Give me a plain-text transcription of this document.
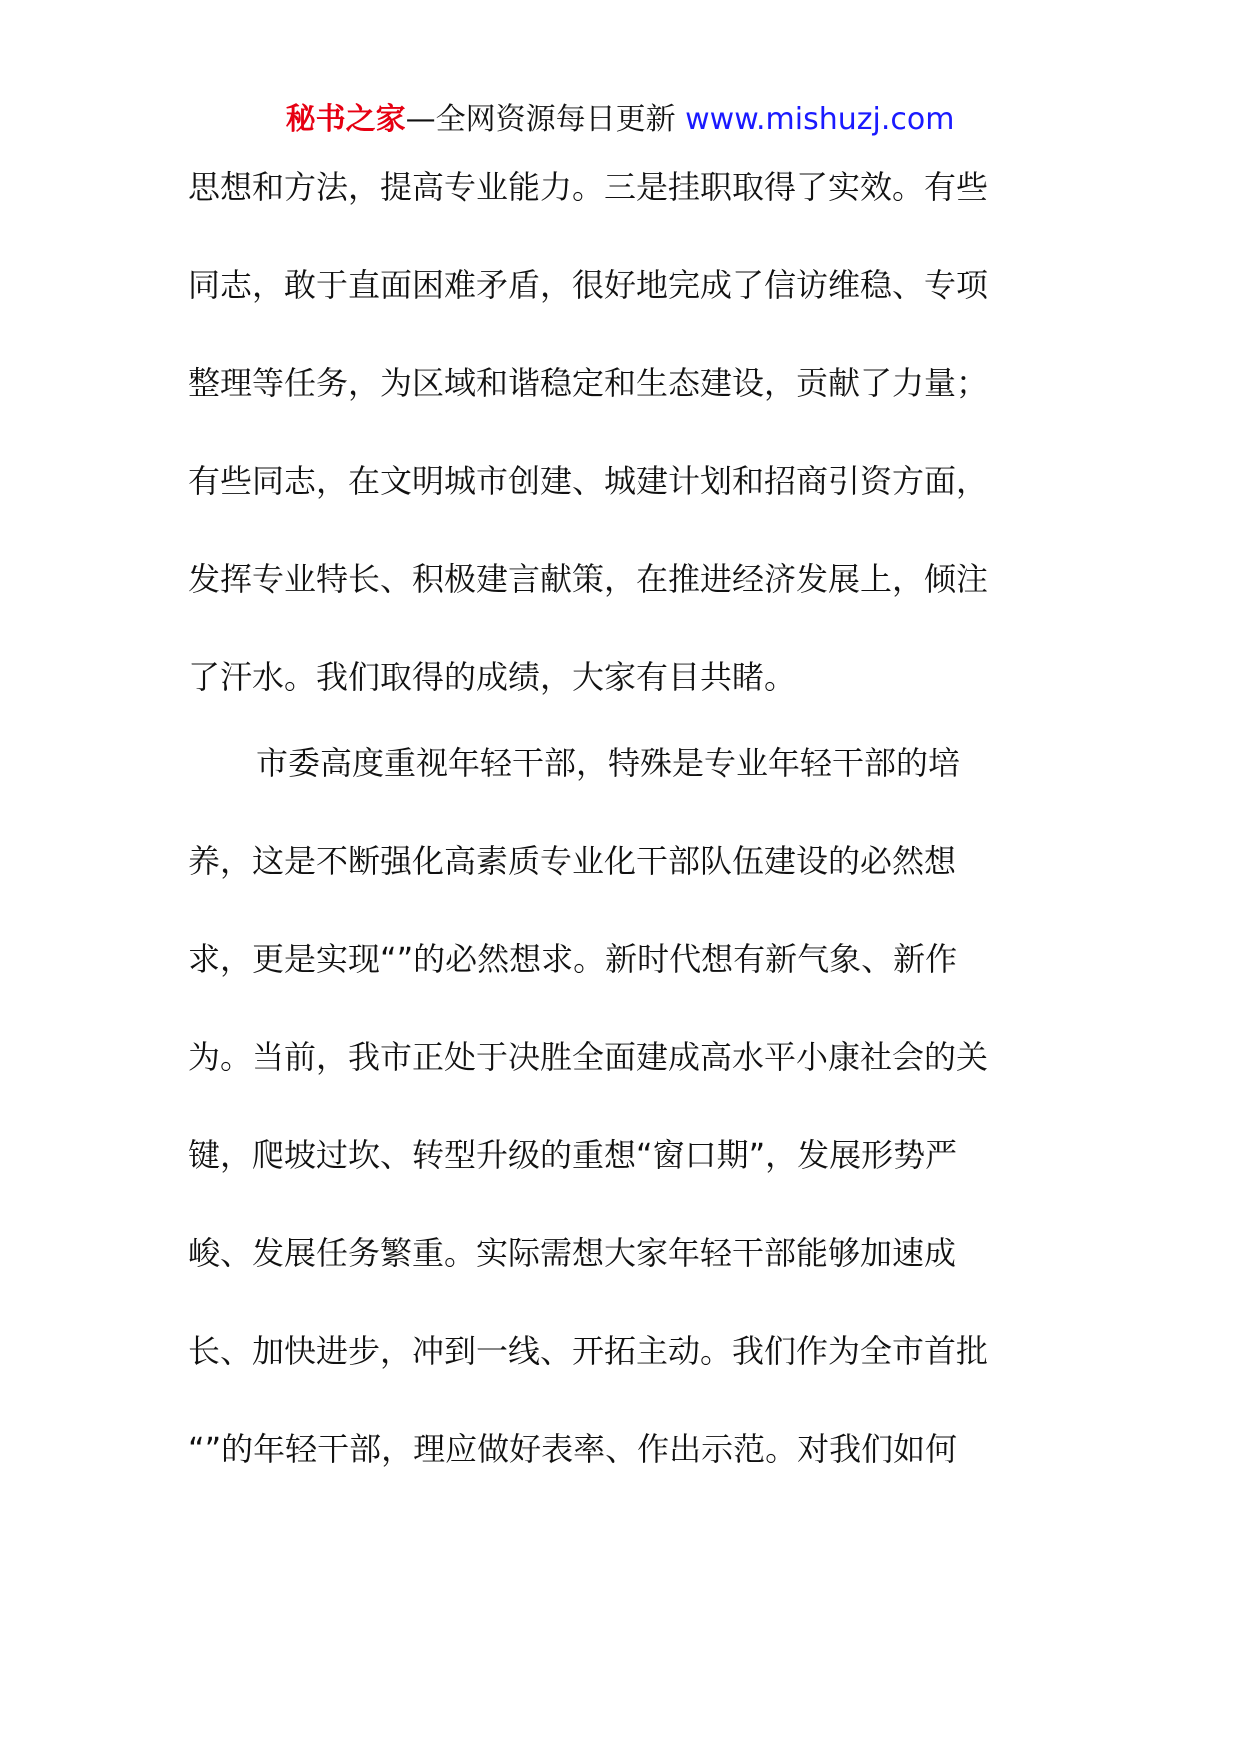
秘书之家—全网资源每日更新 www.mishuzj.com
思想和方法，提高专业能力。三是挂职取得了实效。有些
同志，敢于直面困难矛盾，很好地完成了信访维稳、专项
整理等任务，为区域和谐稳定和生态建设，贡献了力量；
有些同志，在文明城市创建、城建计划和招商引资方面，
发挥专业特长、积极建言献策，在推进经济发展上，倾注
了汗水。我们取得的成绩，大家有目共睹。
市委高度重视年轻干部，特殊是专业年轻干部的培
养，这是不断强化高素质专业化干部队伍建设的必然想
求，更是实现“”的必然想求。新时代想有新气象、新作
为。当前，我市正处于决胜全面建成高水平小康社会的关
键，爬坡过坎、转型升级的重想“窗口期”，发展形势严
峻、发展任务繁重。实际需想大家年轻干部能够加速成
长、加快进步，冲到一线、开拓主动。我们作为全市首批
“”的年轻干部，理应做好表率、作出示范。对我们如何
